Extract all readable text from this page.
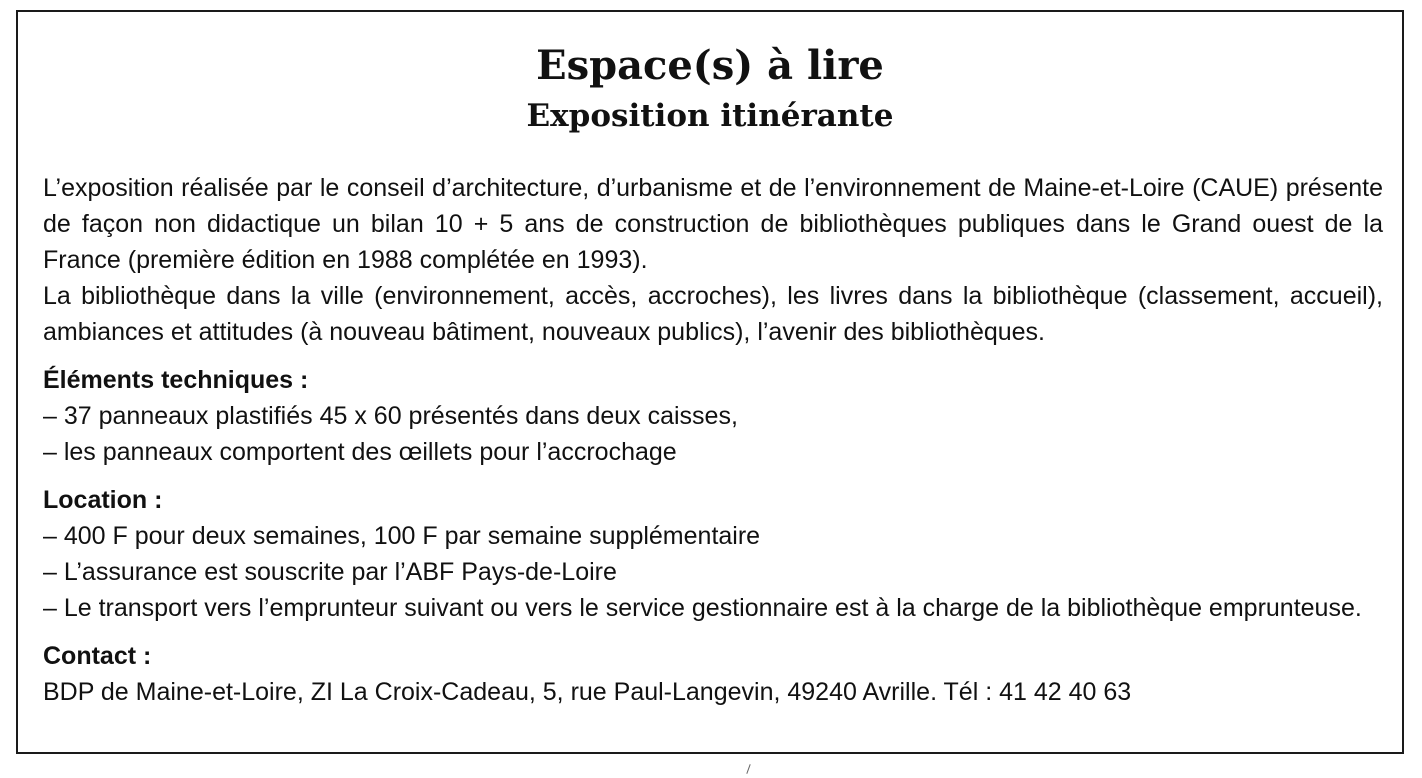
Espace(s) à lire
Exposition itinérante

L’exposition réalisée par le conseil d’architecture, d’urbanisme et de l’environnement de Maine-et-Loire (CAUE) présente de façon non didactique un bilan 10 + 5 ans de construction de bibliothèques publiques dans le Grand ouest de la France (première édition en 1988 complétée en 1993).

La bibliothèque dans la ville (environnement, accès, accroches), les livres dans la bibliothèque (classement, accueil), ambiances et attitudes (à nouveau bâtiment, nouveaux publics), l’avenir des bibliothèques.

Éléments techniques :

– 37 panneaux plastifiés 45 x 60 présentés dans deux caisses,

– les panneaux comportent des œillets pour l’accrochage

Location :

– 400 F pour deux semaines, 100 F par semaine supplémentaire

– L’assurance est souscrite par l’ABF Pays-de-Loire

– Le transport vers l’emprunteur suivant ou vers le service gestionnaire est à la charge de la bibliothèque emprunteuse.

Contact :

BDP de Maine-et-Loire, ZI La Croix-Cadeau, 5, rue Paul-Langevin, 49240 Avrille. Tél : 41 42 40 63
